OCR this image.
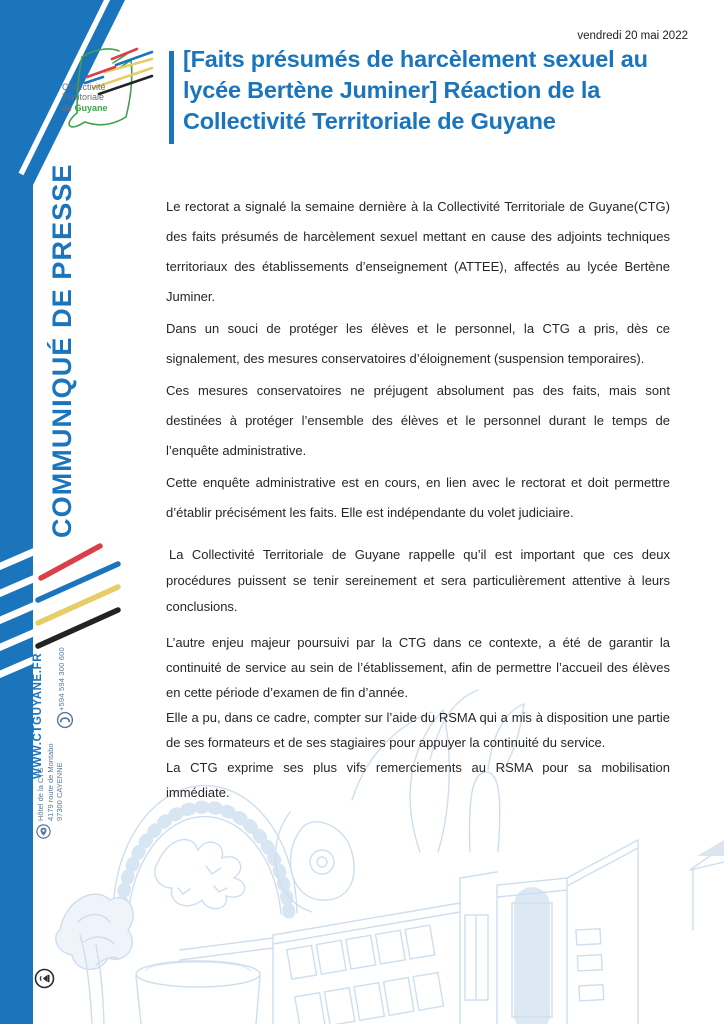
Collectivité
Territoriale
de Guyane
COMMUNIQUÉ DE PRESSE
WWW.CTGUYANE.FR +594 594 300 600
Hôtel de la CTG 4179 route de Montabo 97300 CAYENNE
vendredi 20 mai 2022
[Faits présumés de harcèlement sexuel au
lycée Bertène Juminer] Réaction de la
Collectivité Territoriale de Guyane

Le rectorat a signalé la semaine dernière à la Collectivité Territoriale de Guyane(CTG) des faits présumés de harcèlement sexuel mettant en cause des adjoints techniques territoriaux des établissements d’enseignement (ATTEE), affectés au lycée Bertène Juminer.

Dans un souci de protéger les élèves et le personnel, la CTG a pris, dès ce signalement, des mesures conservatoires d’éloignement (suspension temporaires).

Ces mesures conservatoires ne préjugent absolument pas des faits, mais sont destinées à protéger l’ensemble des élèves et le personnel durant le temps de l’enquête administrative.

Cette enquête administrative est en cours, en lien avec le rectorat et doit permettre d’établir précisément les faits. Elle est indépendante du volet judiciaire.

La Collectivité Territoriale de Guyane rappelle qu’il est important que ces deux procédures puissent se tenir sereinement et sera particulièrement attentive à leurs conclusions.

L’autre enjeu majeur poursuivi par la CTG dans ce contexte, a été de garantir la continuité de service au sein de l’établissement, afin de permettre l’accueil des élèves en cette période d’examen de fin d’année.

Elle a pu, dans ce cadre, compter sur l’aide du RSMA qui a mis à disposition une partie de ses formateurs et de ses stagiaires pour appuyer la continuité du service.

La CTG exprime ses plus vifs remerciements au RSMA pour sa mobilisation immédiate.
